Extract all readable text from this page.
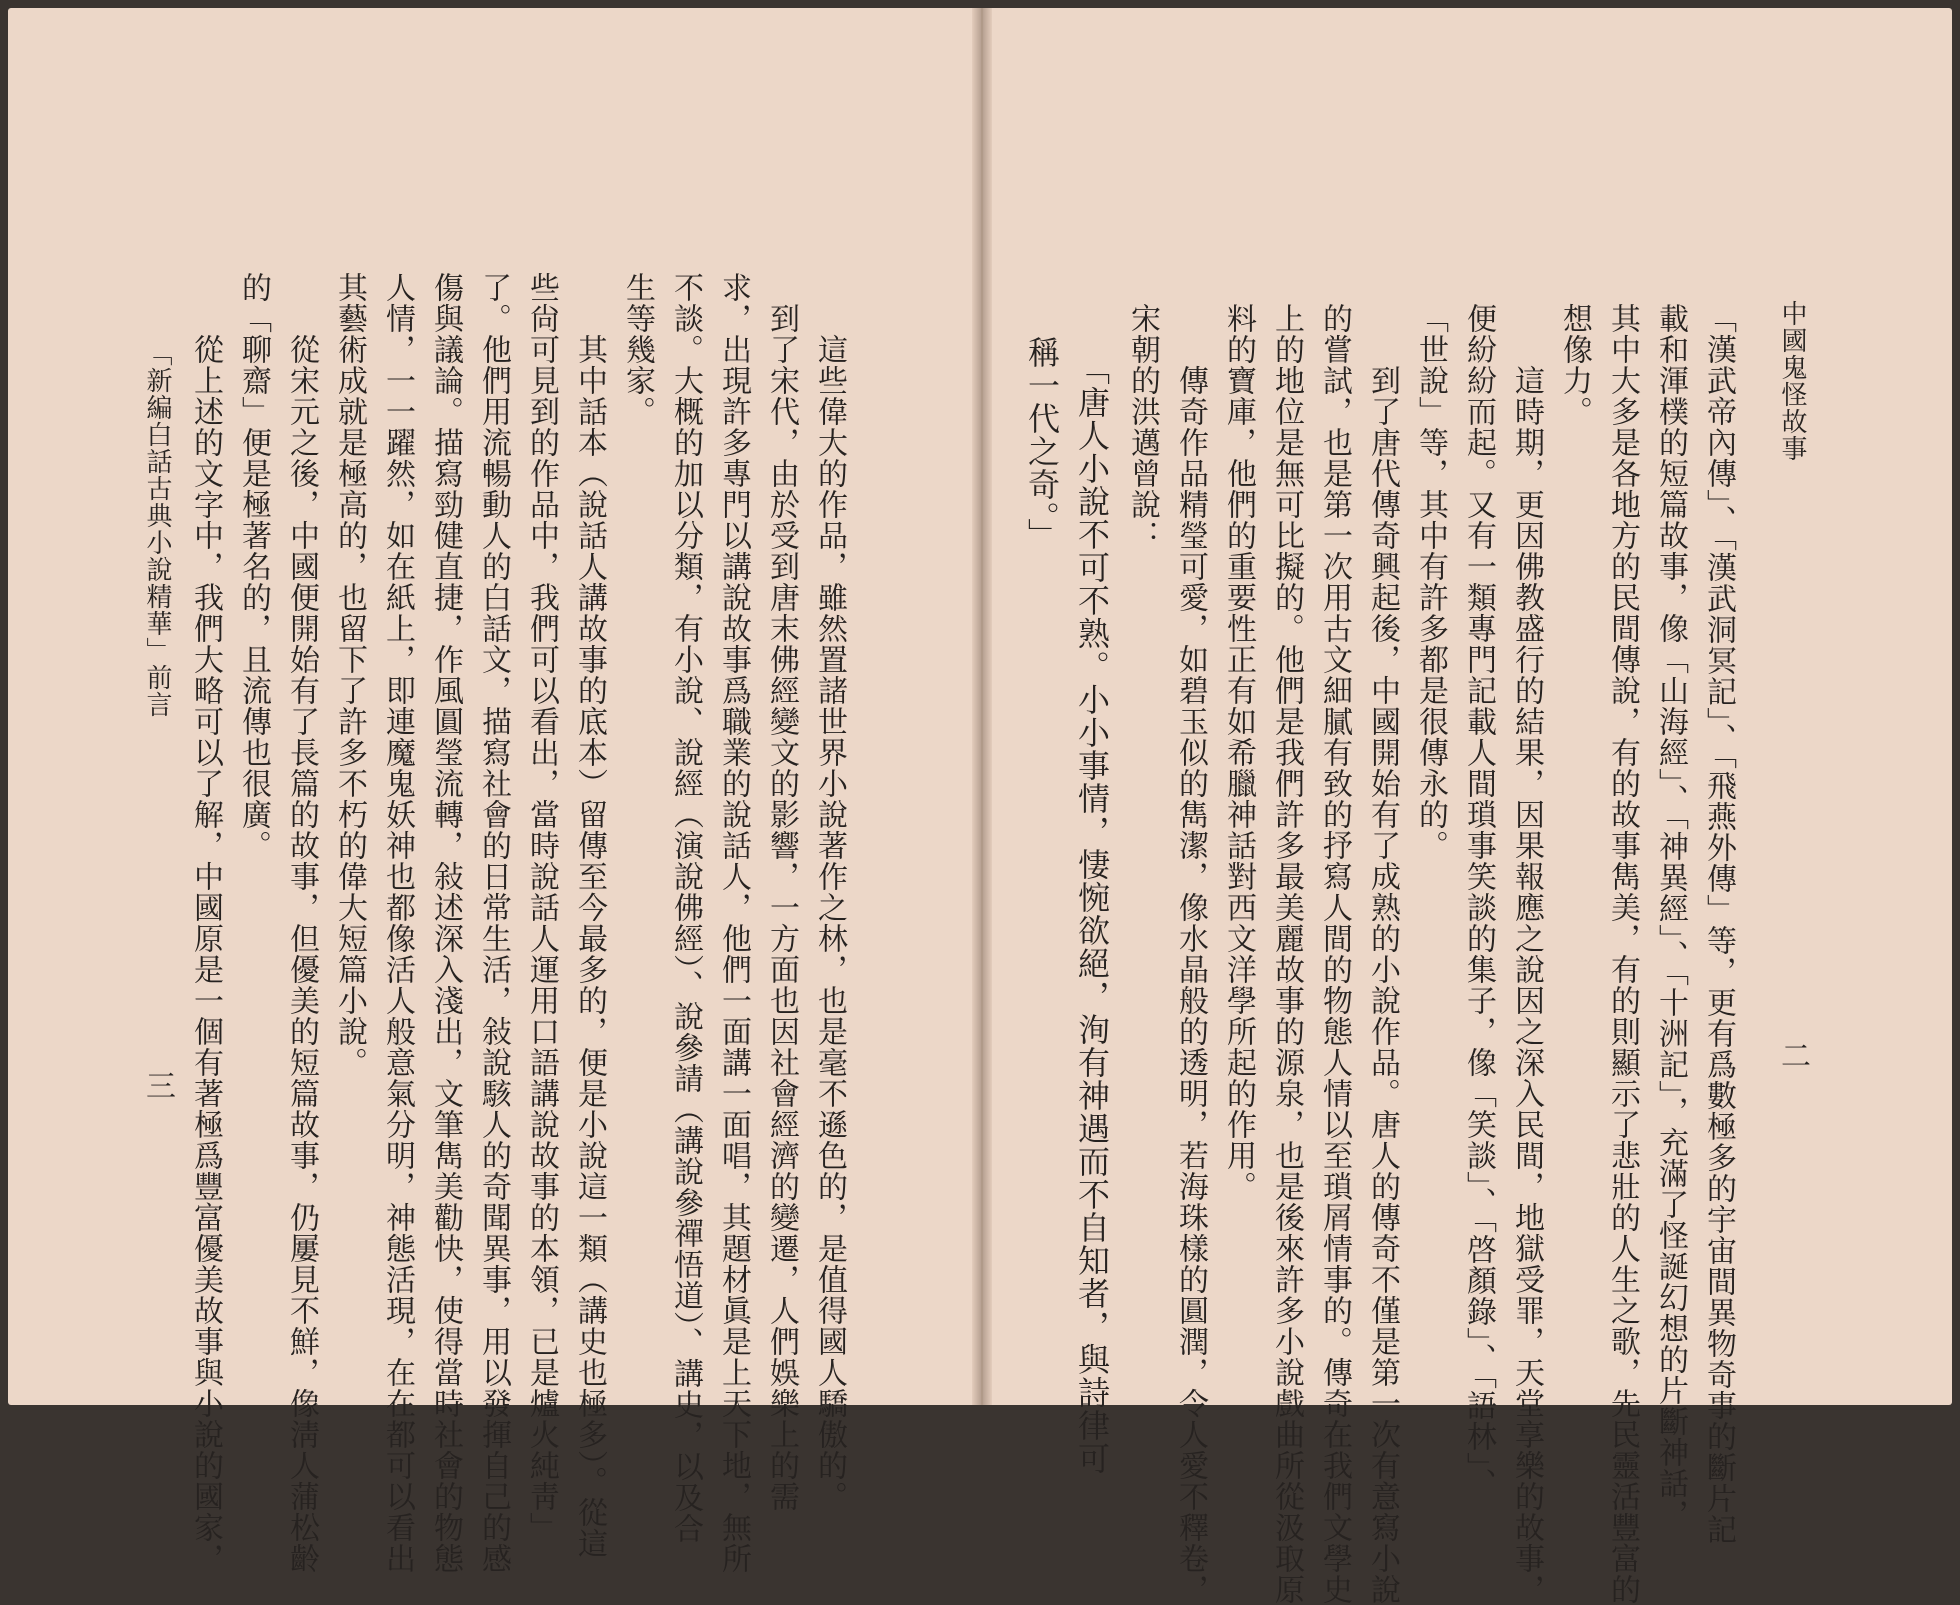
中國鬼怪故事
二
「漢武帝內傳」、「漢武洞冥記」、「飛燕外傳」等，更有爲數極多的宇宙間異物奇事的斷片記
載和渾樸的短篇故事，像「山海經」、「神異經」、「十洲記」，充滿了怪誕幻想的片斷神話，
其中大多是各地方的民間傳說，有的故事雋美，有的則顯示了悲壯的人生之歌，先民靈活豐富的
想像力。
　　這時期，更因佛教盛行的結果，因果報應之說因之深入民間，地獄受罪，天堂享樂的故事，
便紛紛而起。又有一類專門記載人間瑣事笑談的集子，像「笑談」、「啓顏錄」、「語林」、
「世說」等，其中有許多都是很傳永的。
　　到了唐代傳奇興起後，中國開始有了成熟的小說作品。唐人的傳奇不僅是第一次有意寫小說
的嘗試，也是第一次用古文細膩有致的抒寫人間的物態人情以至瑣屑情事的。傳奇在我們文學史
上的地位是無可比擬的。他們是我們許多最美麗故事的源泉，也是後來許多小說戲曲所從汲取原
料的寶庫，他們的重要性正有如希臘神話對西文洋學所起的作用。
　　傳奇作品精瑩可愛，如碧玉似的雋潔，像水晶般的透明，若海珠樣的圓潤，令人愛不釋卷，
宋朝的洪邁曾說：
　　「唐人小說不可不熟。小小事情，悽惋欲絕，洵有神遇而不自知者，與詩律可
　稱一代之奇。」
　　這些偉大的作品，雖然置諸世界小說著作之林，也是毫不遜色的，是值得國人驕傲的。
　到了宋代，由於受到唐末佛經變文的影響，一方面也因社會經濟的變遷，人們娛樂上的需
求，出現許多專門以講說故事爲職業的說話人，他們一面講一面唱，其題材眞是上天下地，無所
不談。大概的加以分類，有小說、說經（演說佛經）、說參請（講說參禪悟道）、講史，以及合
生等幾家。
　　其中話本（說話人講故事的底本）留傳至今最多的，便是小說這一類（講史也極多）。從這
些尙可見到的作品中，我們可以看出，當時說話人運用口語講說故事的本領，已是爐火純靑」
了。他們用流暢動人的白話文，描寫社會的日常生活，敍說駭人的奇聞異事，用以發揮自己的感
傷與議論。描寫勁健直捷，作風圓瑩流轉，敍述深入淺出，文筆雋美勸快，使得當時社會的物態
人情，一一躍然，如在紙上，即連魔鬼妖神也都像活人般意氣分明，神態活現，在在都可以看出
其藝術成就是極高的，也留下了許多不朽的偉大短篇小說。
　　從宋元之後，中國便開始有了長篇的故事，但優美的短篇故事，仍屢見不鮮，像淸人蒲松齡
的「聊齋」便是極著名的，且流傳也很廣。
　　從上述的文字中，我們大略可以了解，中國原是一個有著極爲豐富優美故事與小說的國家，
「新編白話古典小說精華」前言
三
